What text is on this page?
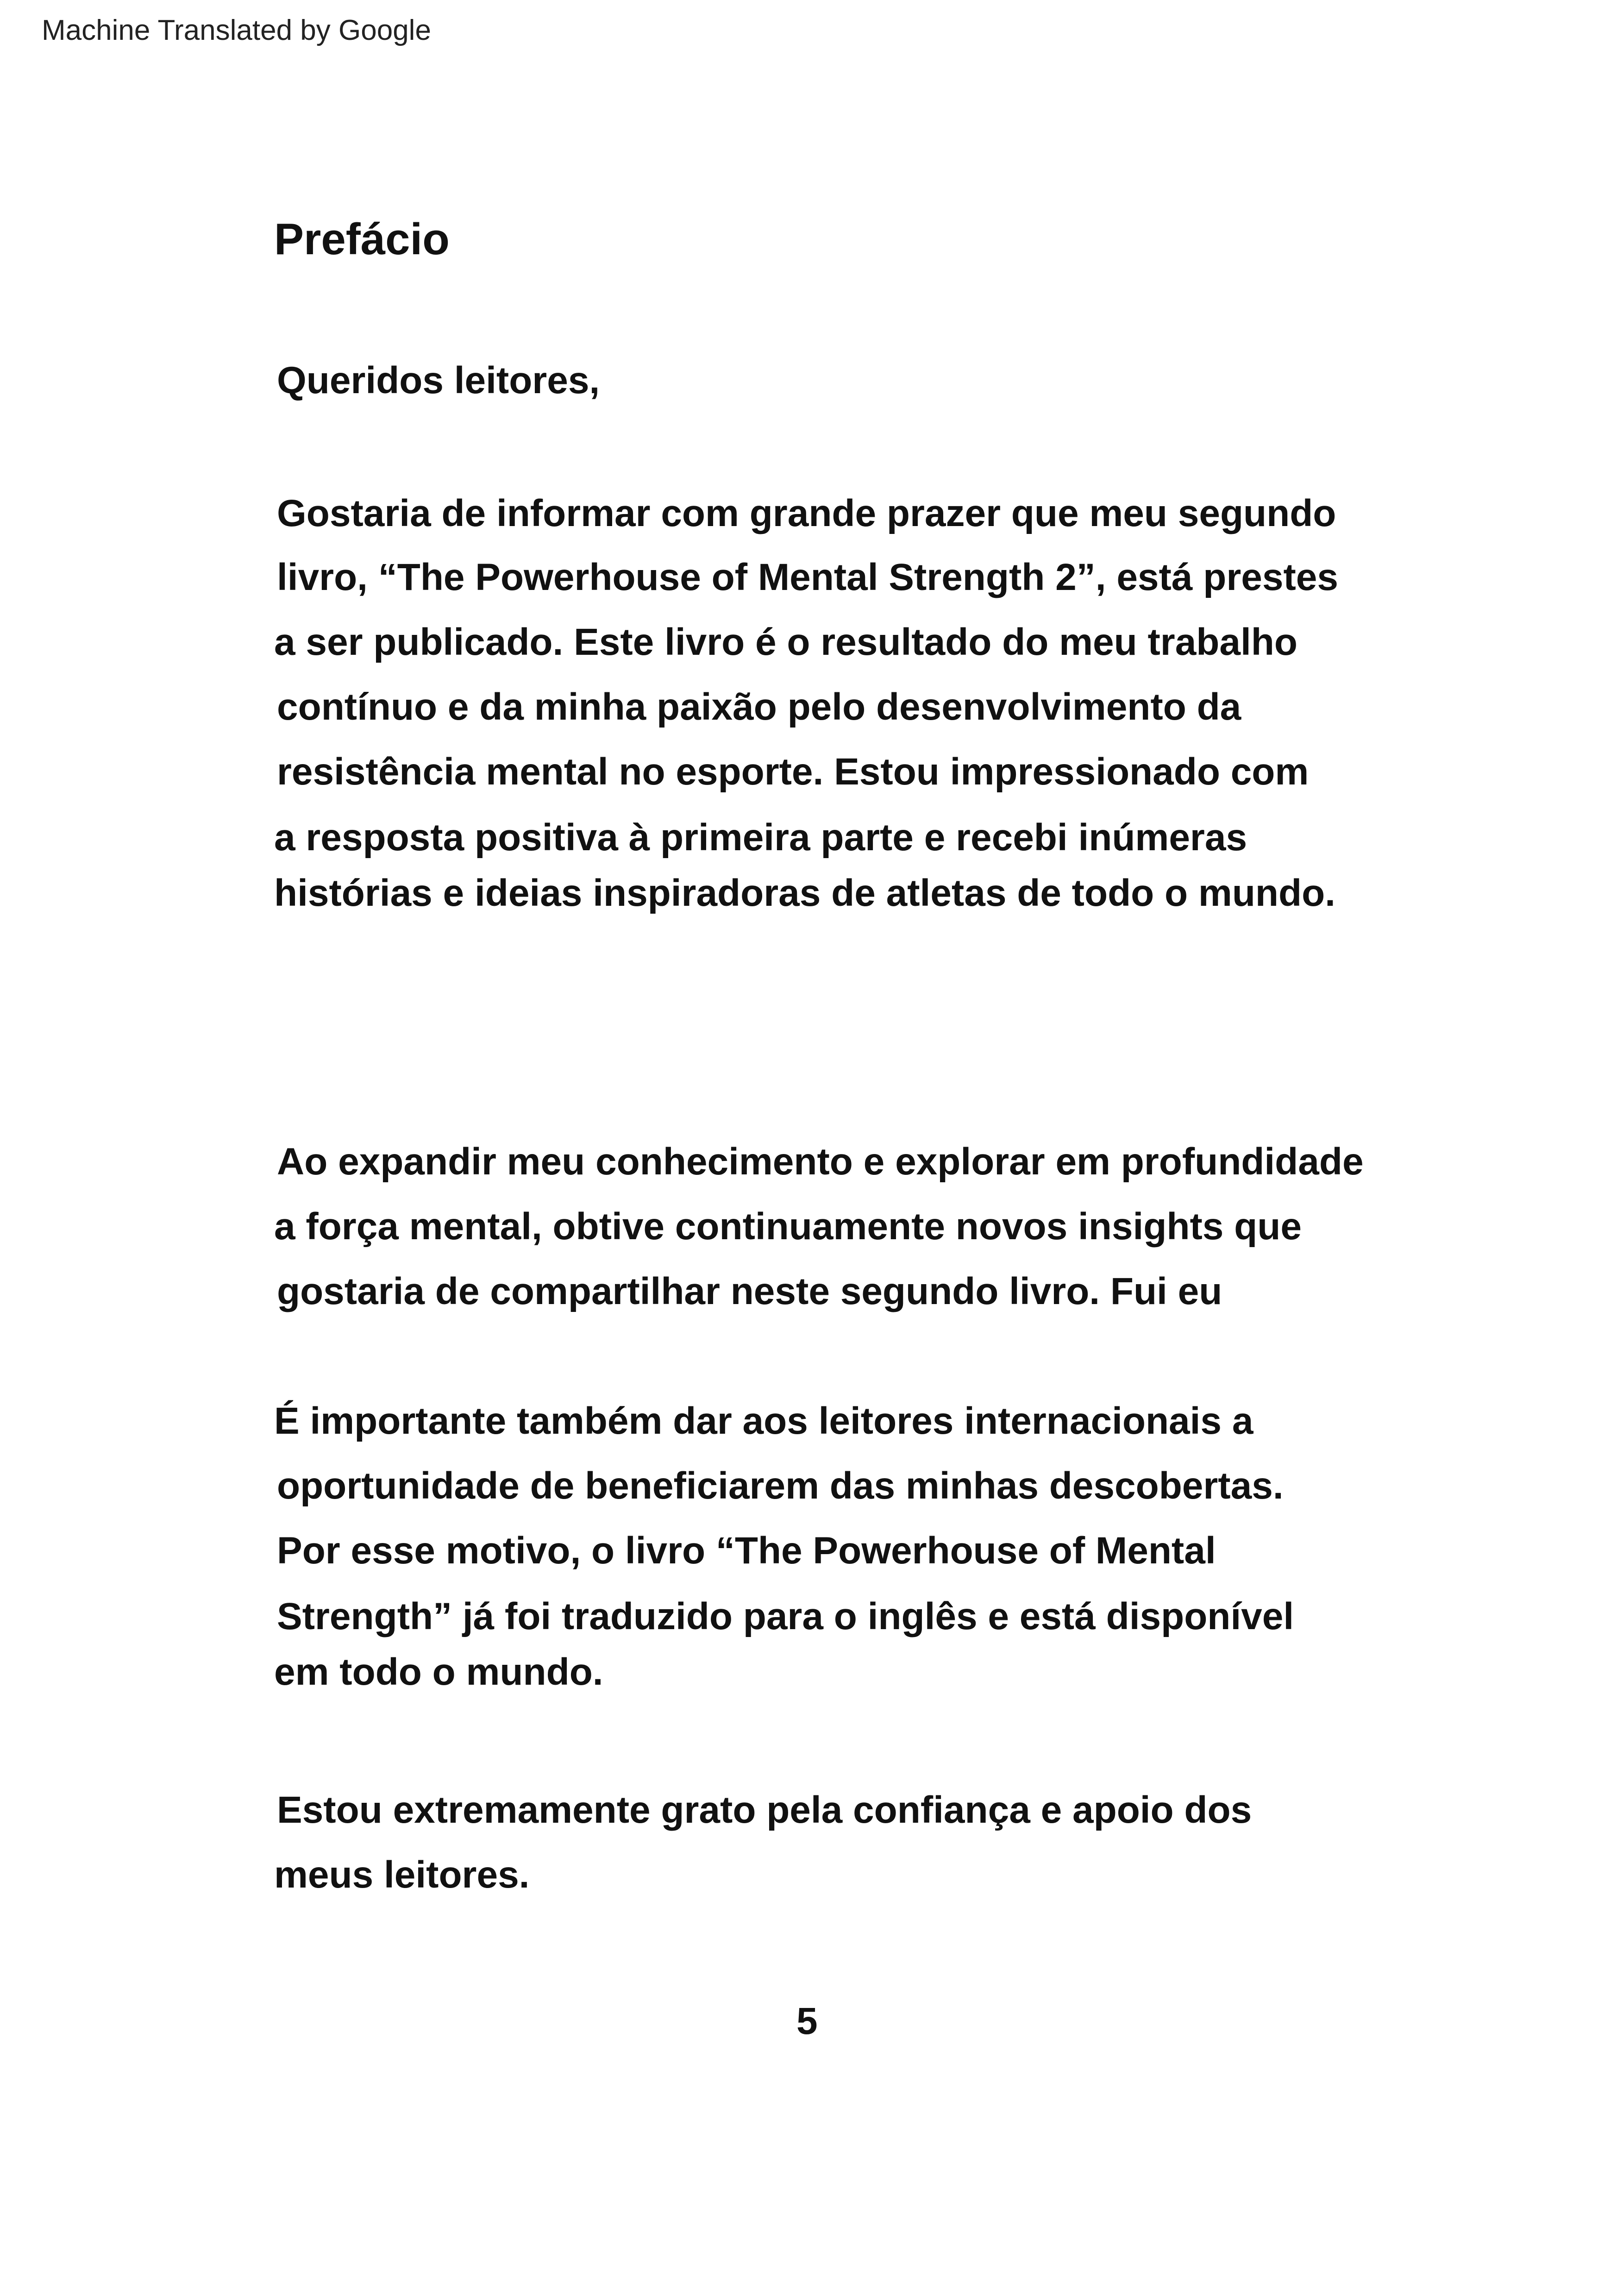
Machine Translated by Google
Prefácio
Queridos leitores,
Gostaria de informar com grande prazer que meu segundo
livro, “The Powerhouse of Mental Strength 2”, está prestes
a ser publicado. Este livro é o resultado do meu trabalho
contínuo e da minha paixão pelo desenvolvimento da
resistência mental no esporte. Estou impressionado com
a resposta positiva à primeira parte e recebi inúmeras
histórias e ideias inspiradoras de atletas de todo o mundo.
Ao expandir meu conhecimento e explorar em profundidade
a força mental, obtive continuamente novos insights que
gostaria de compartilhar neste segundo livro. Fui eu
É importante também dar aos leitores internacionais a
oportunidade de beneficiarem das minhas descobertas.
Por esse motivo, o livro “The Powerhouse of Mental
Strength” já foi traduzido para o inglês e está disponível
em todo o mundo.
Estou extremamente grato pela confiança e apoio dos
meus leitores.
5
